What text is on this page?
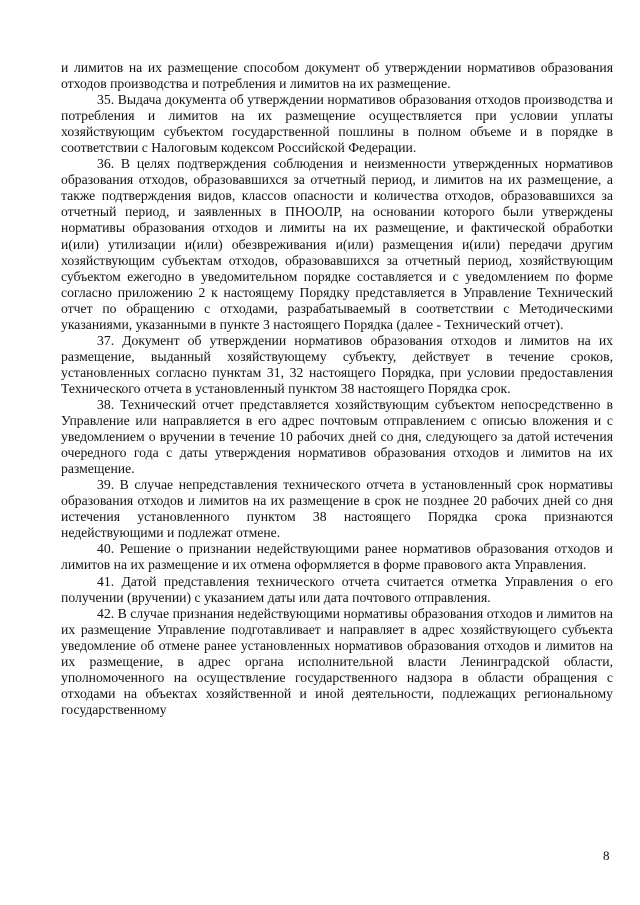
и лимитов на их размещение способом документ об утверждении нормативов образования отходов производства и потребления и лимитов на их размещение.

35. Выдача документа об утверждении нормативов образования отходов производства и потребления и лимитов на их размещение осуществляется при условии уплаты хозяйствующим субъектом государственной пошлины в полном объеме и в порядке в соответствии с Налоговым кодексом Российской Федерации.

36. В целях подтверждения соблюдения и неизменности утвержденных нормативов образования отходов, образовавшихся за отчетный период, и лимитов на их размещение, а также подтверждения видов, классов опасности и количества отходов, образовавшихся за отчетный период, и заявленных в ПНООЛР, на основании которого были утверждены нормативы образования отходов и лимиты на их размещение, и фактической обработки и(или) утилизации и(или) обезвреживания и(или) размещения и(или) передачи другим хозяйствующим субъектам отходов, образовавшихся за отчетный период, хозяйствующим субъектом ежегодно в уведомительном порядке составляется и с уведомлением по форме согласно приложению 2 к настоящему Порядку представляется в Управление Технический отчет по обращению с отходами, разрабатываемый в соответствии с Методическими указаниями, указанными в пункте 3 настоящего Порядка (далее - Технический отчет).

37. Документ об утверждении нормативов образования отходов и лимитов на их размещение, выданный хозяйствующему субъекту, действует в течение сроков, установленных согласно пунктам 31, 32 настоящего Порядка, при условии предоставления Технического отчета в установленный пунктом 38 настоящего Порядка срок.

38. Технический отчет представляется хозяйствующим субъектом непосредственно в Управление или направляется в его адрес почтовым отправлением с описью вложения и с уведомлением о вручении в течение 10 рабочих дней со дня, следующего за датой истечения очередного года с даты утверждения нормативов образования отходов и лимитов на их размещение.

39. В случае непредставления технического отчета в установленный срок нормативы образования отходов и лимитов на их размещение в срок не позднее 20 рабочих дней со дня истечения установленного пунктом 38 настоящего Порядка срока признаются недействующими и подлежат отмене.

40. Решение о признании недействующими ранее нормативов образования отходов и лимитов на их размещение и их отмена оформляется в форме правового акта Управления.

41. Датой представления технического отчета считается отметка Управления о его получении (вручении) с указанием даты или дата почтового отправления.

42. В случае признания недействующими нормативы образования отходов и лимитов на их размещение Управление подготавливает и направляет в адрес хозяйствующего субъекта уведомление об отмене ранее установленных нормативов образования отходов и лимитов на их размещение, в адрес органа исполнительной власти Ленинградской области, уполномоченного на осуществление государственного надзора в области обращения с отходами на объектах хозяйственной и иной деятельности, подлежащих региональному государственному

8
